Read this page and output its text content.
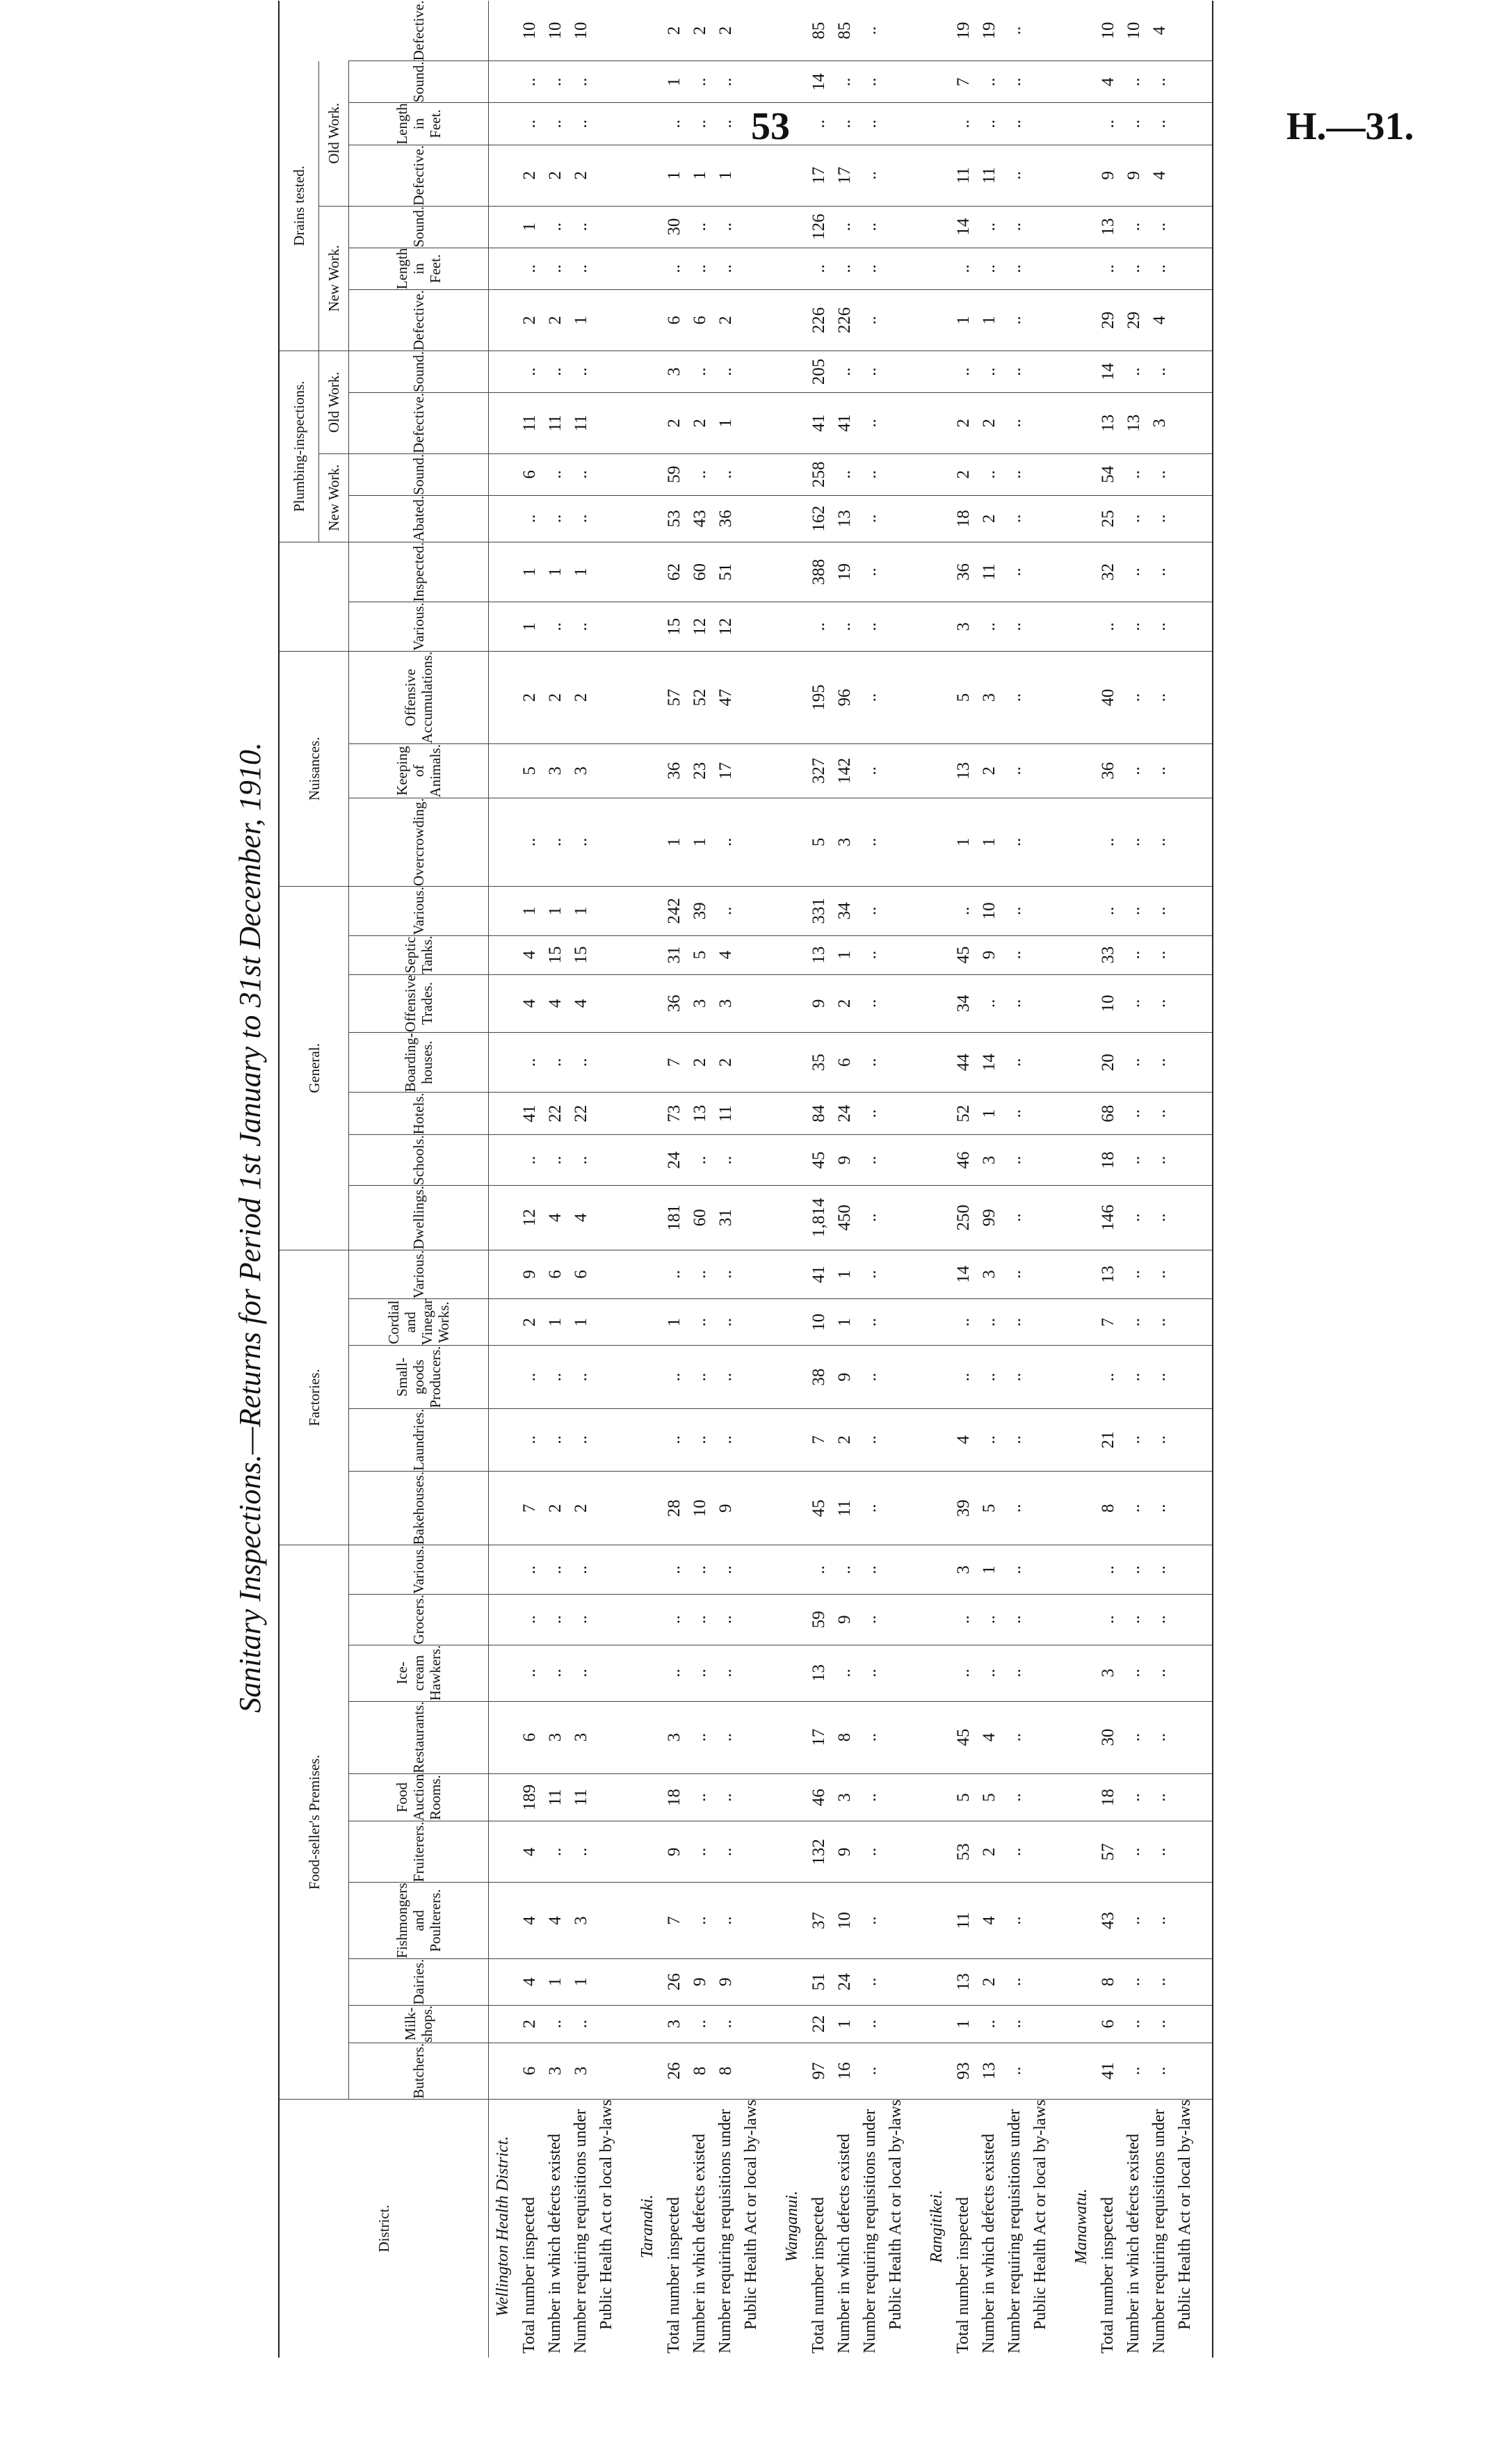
53	H.—31.
Sanitary Inspections.—Returns for Period 1st January to 31st December, 1910.
District.	Food-seller's Premises.										Factories.					General.							Nuisances.					Plumbing-inspections.				Drains tested.						
																												New Work.		Old Work.		New Work.			Old Work.			
	Butchers.	Milk-shops.	Dairies.	Fishmongers and Poulterers.	Fruiterers.	Food Auction Rooms.	Restaurants.	Ice-cream Hawkers.	Grocers.	Various.	Bakehouses.	Laundries.	Small-goods Producers.	Cordial and Vinegar Works.	Various.	Dwellings.	Schools.	Hotels.	Boarding-houses.	Offensive Trades.	Septic Tanks.	Various.	Overcrowding.	Keeping of Animals.	Offensive Accumulations.	Various.	Inspected.	Abated.	Sound.	Defective.	Sound.	Defective.	Length in Feet.	Sound.	Defective.	Length in Feet.	Sound.	Defective.
Wellington Health District.																																						
Total number inspected	6	2	4	4	4	189	6	..	..	..	7	..	..	2	9	12	..	41	..	4	4	1	..	5	2	1	1	..	6	11	..	2	..	1	2	..	..	10
Number in which defects existed	3	..	1	4	..	11	3	..	..	..	2	..	..	1	6	4	..	22	..	4	15	1	..	3	2	..	1	..	..	11	..	2	..	..	2	..	..	10
Number requiring requisitions under	3	..	1	3	..	11	3	..	..	..	2	..	..	1	6	4	..	22	..	4	15	1	..	3	2	..	1	..	..	11	..	1	..	..	2	..	..	10
Public Health Act or local by-laws																																						

Taranaki.																																						
Total number inspected	26	3	26	7	9	18	3	..	..	..	28	..	..	1	..	181	24	73	7	36	31	242	1	36	57	15	62	53	59	2	3	6	..	30	1	..	1	2
Number in which defects existed	8	..	9	..	..	..	..	..	..	..	10	..	..	..	..	60	..	13	2	3	5	39	1	23	52	12	60	43	..	2	..	6	..	..	1	..	..	2
Number requiring requisitions under	8	..	9	..	..	..	..	..	..	..	9	..	..	..	..	31	..	11	2	3	4	..	..	17	47	12	51	36	..	1	..	2	..	..	1	..	..	2
Public Health Act or local by-laws																																						

Wanganui.																																						
Total number inspected	97	22	51	37	132	46	17	13	59	..	45	7	38	10	41	1,814	45	84	35	9	13	331	5	327	195	..	388	162	258	41	205	226	..	126	17	..	14	85
Number in which defects existed	16	1	24	10	9	3	8	..	9	..	11	2	9	1	1	450	9	24	6	2	1	34	3	142	96	..	19	13	..	41	..	226	..	..	17	..	..	85
Number requiring requisitions under	..	..	..	..	..	..	..	..	..	..	..	..	..	..	..	..	..	..	..	..	..	..	..	..	..	..	..	..	..	..	..	..	..	..	..	..	..	..
Public Health Act or local by-laws																																						

Rangitikei.																																						
Total number inspected	93	1	13	11	53	5	45	..	..	3	39	4	..	..	14	250	46	52	44	34	45	..	1	13	5	3	36	18	2	2	..	1	..	14	11	..	7	19
Number in which defects existed	13	..	2	4	2	5	4	..	..	1	5	..	..	..	3	99	3	1	14	..	9	10	1	2	3	..	11	2	..	2	..	1	..	..	11	..	..	19
Number requiring requisitions under	..	..	..	..	..	..	..	..	..	..	..	..	..	..	..	..	..	..	..	..	..	..	..	..	..	..	..	..	..	..	..	..	..	..	..	..	..	..
Public Health Act or local by-laws																																						

Manawatu.																																						
Total number inspected	41	6	8	43	57	18	30	3	..	..	8	21	..	7	13	146	18	68	20	10	33	..	..	36	40	..	32	25	54	13	14	29	..	13	9	..	4	10
Number in which defects existed	..	..	..	..	..	..	..	..	..	..	..	..	..	..	..	..	..	..	..	..	..	..	..	..	..	..	..	..	..	13	..	29	..	..	9	..	..	10
Number requiring requisitions under	..	..	..	..	..	..	..	..	..	..	..	..	..	..	..	..	..	..	..	..	..	..	..	..	..	..	..	..	..	3	..	4	..	..	4	..	..	4
Public Health Act or local by-laws																																						
